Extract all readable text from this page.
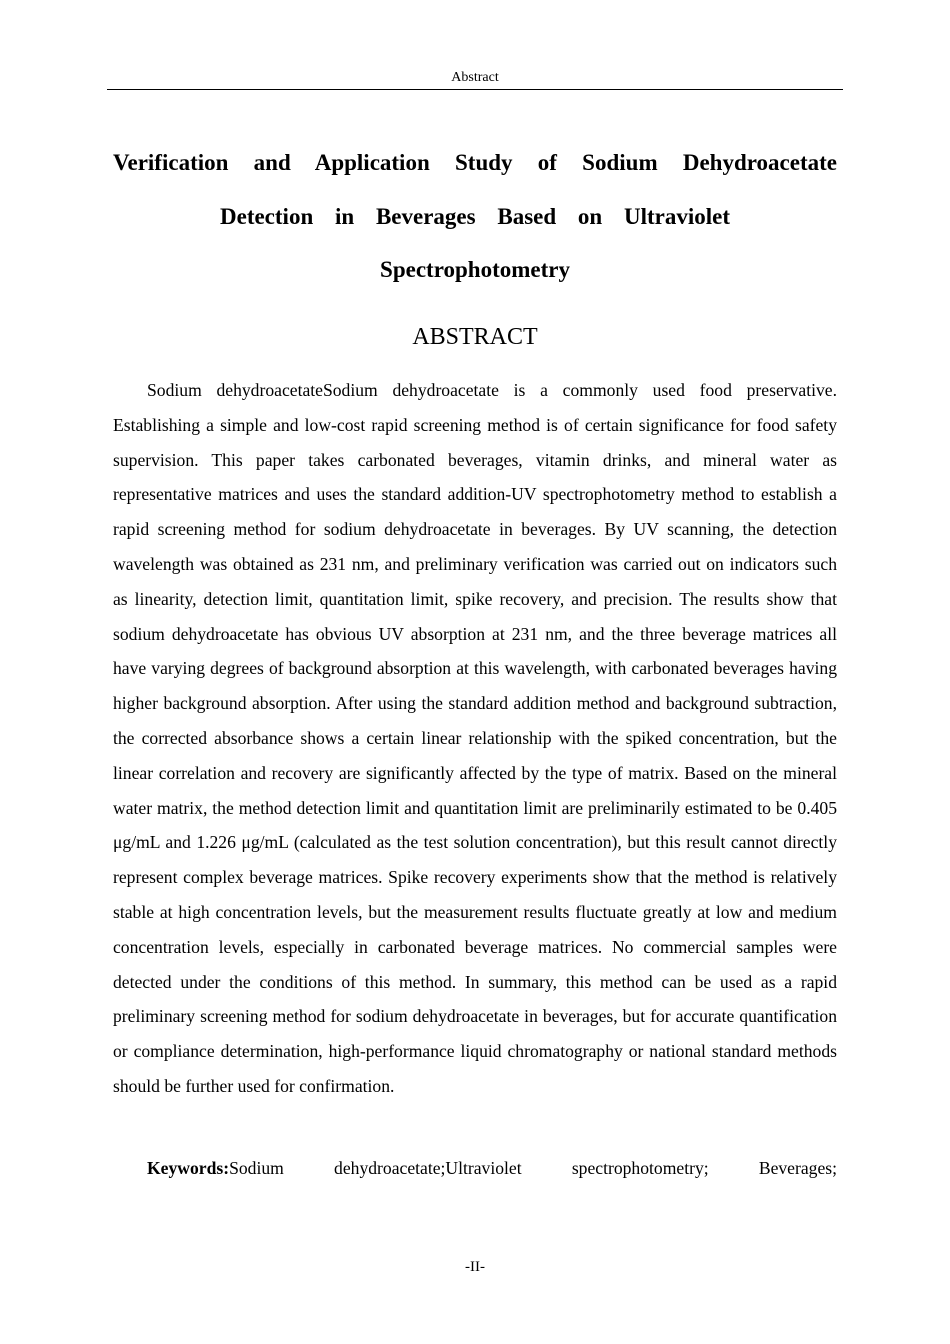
Abstract
Verification and Application Study of Sodium Dehydroacetate
Detection in Beverages Based on Ultraviolet
Spectrophotometry
ABSTRACT

Sodium dehydroacetateSodium dehydroacetate is a commonly used food preservative. Establishing a simple and low-cost rapid screening method is of certain significance for food safety supervision. This paper takes carbonated beverages, vitamin drinks, and mineral water as representative matrices and uses the standard addition-UV spectrophotometry method to establish a rapid screening method for sodium dehydroacetate in beverages. By UV scanning, the detection wavelength was obtained as 231 nm, and preliminary verification was carried out on indicators such as linearity, detection limit, quantitation limit, spike recovery, and precision. The results show that sodium dehydroacetate has obvious UV absorption at 231 nm, and the three beverage matrices all have varying degrees of background absorption at this wavelength, with carbonated beverages having higher background absorption. After using the standard addition method and background subtraction, the corrected absorbance shows a certain linear relationship with the spiked concentration, but the linear correlation and recovery are significantly affected by the type of matrix. Based on the mineral water matrix, the method detection limit and quantitation limit are preliminarily estimated to be 0.405 μg/mL and 1.226 μg/mL (calculated as the test solution concentration), but this result cannot directly represent complex beverage matrices. Spike recovery experiments show that the method is relatively stable at high concentration levels, but the measurement results fluctuate greatly at low and medium concentration levels, especially in carbonated beverage matrices. No commercial samples were detected under the conditions of this method. In summary, this method can be used as a rapid preliminary screening method for sodium dehydroacetate in beverages, but for accurate quantification or compliance determination, high-performance liquid chromatography or national standard methods should be further used for confirmation.

Keywords:Sodium dehydroacetate;Ultraviolet spectrophotometry; Beverages;

-II-
